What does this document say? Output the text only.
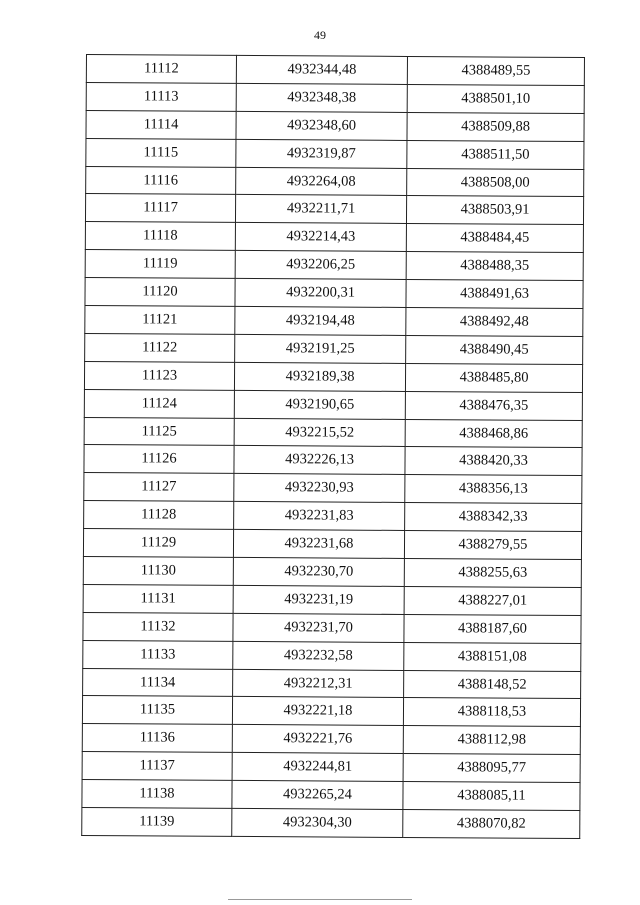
49
11112	4932344,48	4388489,55
11113	4932348,38	4388501,10
11114	4932348,60	4388509,88
11115	4932319,87	4388511,50
11116	4932264,08	4388508,00
11117	4932211,71	4388503,91
11118	4932214,43	4388484,45
11119	4932206,25	4388488,35
11120	4932200,31	4388491,63
11121	4932194,48	4388492,48
11122	4932191,25	4388490,45
11123	4932189,38	4388485,80
11124	4932190,65	4388476,35
11125	4932215,52	4388468,86
11126	4932226,13	4388420,33
11127	4932230,93	4388356,13
11128	4932231,83	4388342,33
11129	4932231,68	4388279,55
11130	4932230,70	4388255,63
11131	4932231,19	4388227,01
11132	4932231,70	4388187,60
11133	4932232,58	4388151,08
11134	4932212,31	4388148,52
11135	4932221,18	4388118,53
11136	4932221,76	4388112,98
11137	4932244,81	4388095,77
11138	4932265,24	4388085,11
11139	4932304,30	4388070,82
